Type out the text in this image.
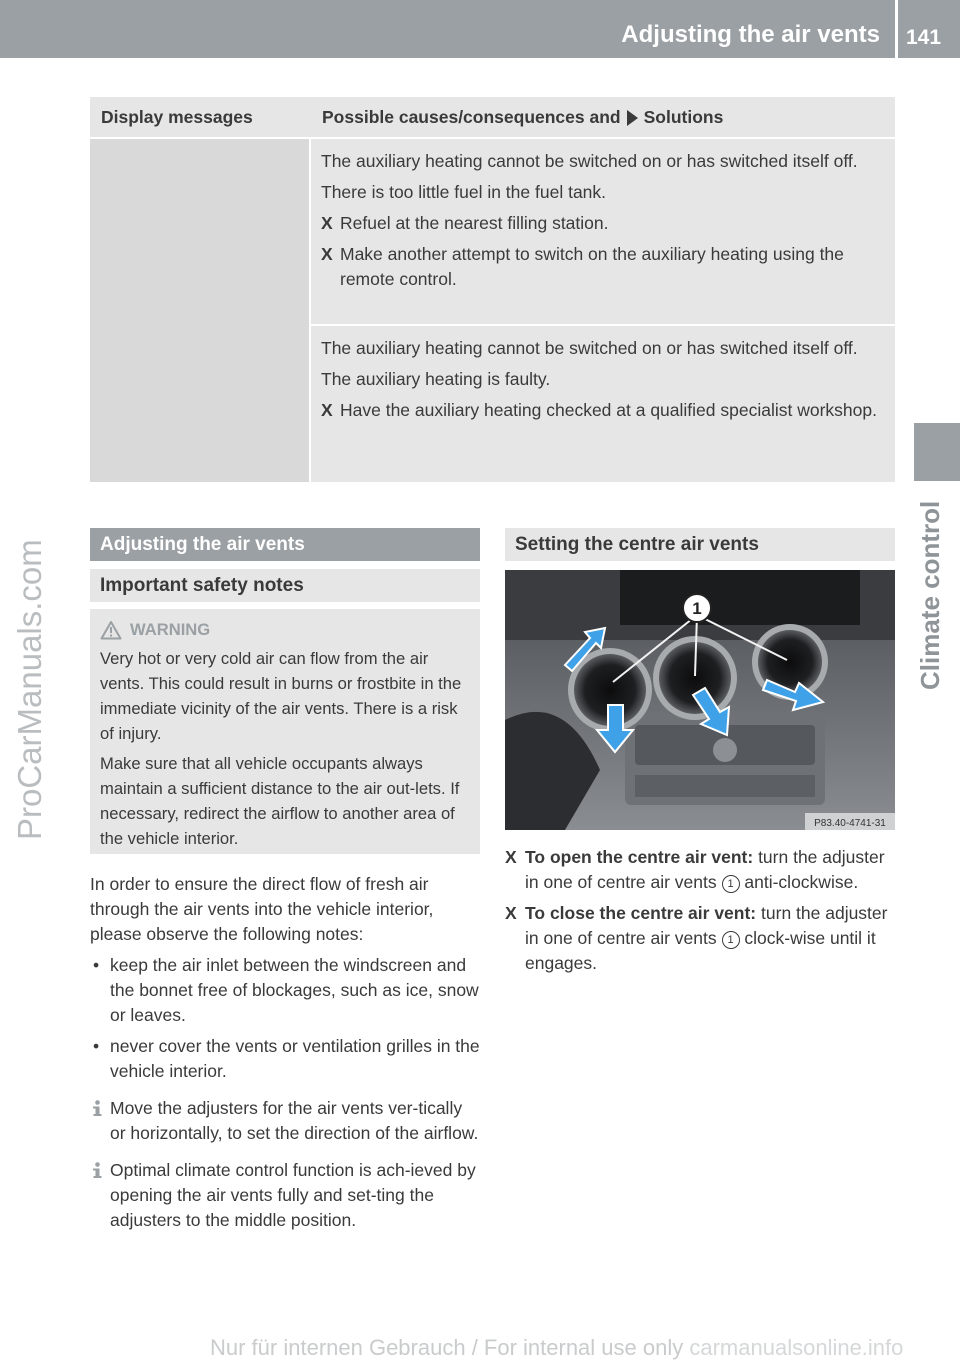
Adjusting the air vents 141
Climate control
ProCarManuals.com
Display messages	Possible causes/consequences and Solutions

The auxiliary heating cannot be switched on or has switched itself off.

There is too little fuel in the fuel tank.

X Refuel at the nearest filling station.
X Make another attempt to switch on the auxiliary heating using the remote control.

The auxiliary heating cannot be switched on or has switched itself off.

The auxiliary heating is faulty.

X Have the auxiliary heating checked at a qualified specialist workshop.
Adjusting the air vents
Important safety notes

WARNING

Very hot or very cold air can flow from the air vents. This could result in burns or frostbite in the immediate vicinity of the air vents. There is a risk of injury.

Make sure that all vehicle occupants always maintain a sufficient distance to the air out-lets. If necessary, redirect the airflow to another area of the vehicle interior.

In order to ensure the direct flow of fresh air through the air vents into the vehicle interior, please observe the following notes:

• keep the air inlet between the windscreen and the bonnet free of blockages, such as ice, snow or leaves.
• never cover the vents or ventilation grilles in the vehicle interior.
Move the adjusters for the air vents ver-tically or horizontally, to set the direction of the airflow.
Optimal climate control function is ach-ieved by opening the air vents fully and set-ting the adjusters to the middle position.
Setting the centre air vents
1
P83.40-4741-31
X To open the centre air vent: turn the adjuster in one of centre air vents 1 anti-clockwise.
X To close the centre air vent: turn the adjuster in one of centre air vents 1 clock-wise until it engages.
Nur für internen Gebrauch / For internal use only carmanualsonline.info
